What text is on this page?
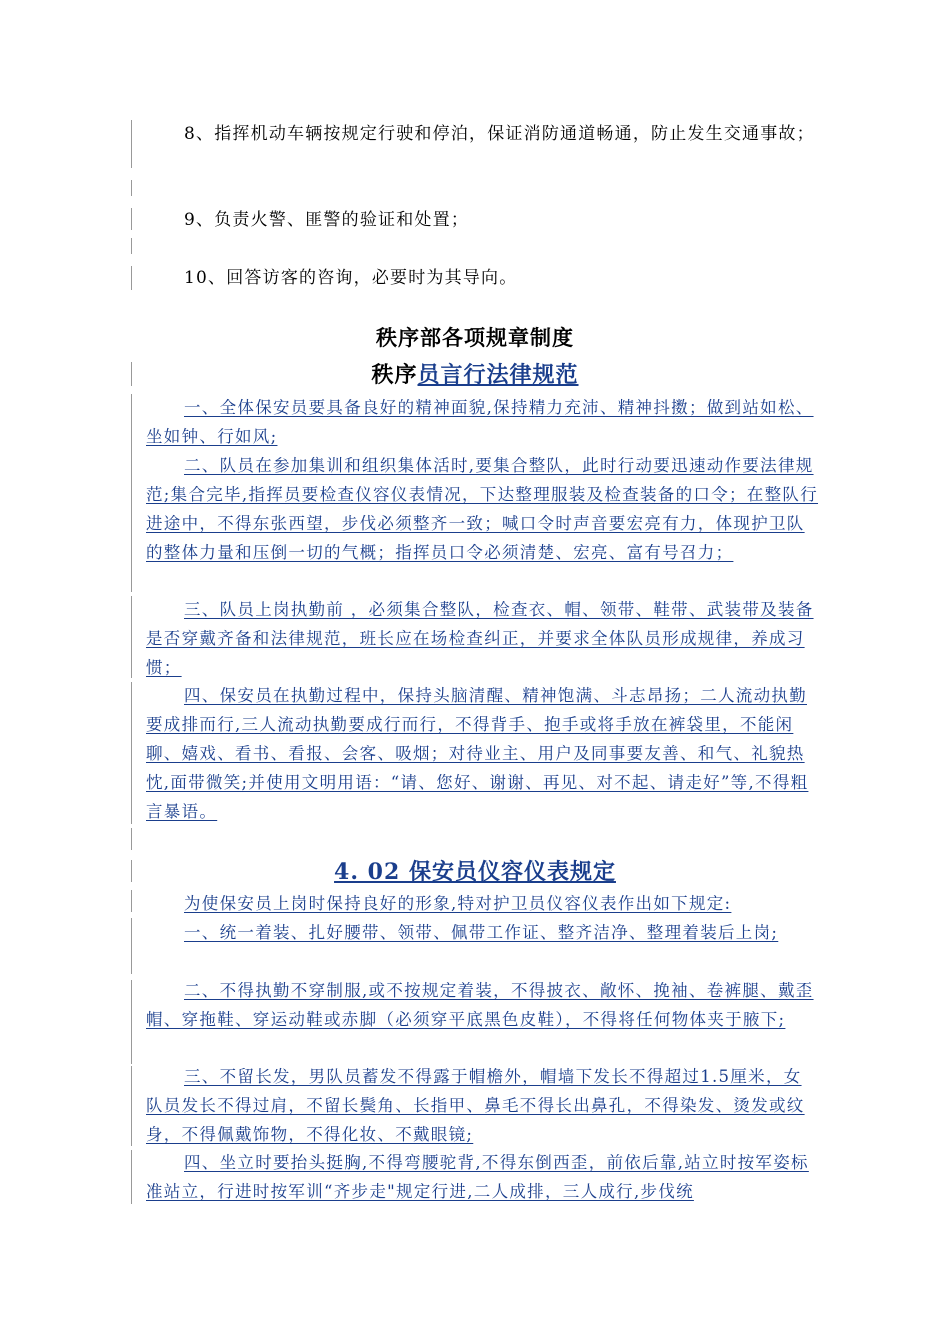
8、指挥机动车辆按规定行驶和停泊，保证消防通道畅通，防止发生交通事故；
9、负责火警、匪警的验证和处置；
10、回答访客的咨询，必要时为其导向。
秩序部各项规章制度
秩序员言行法律规范
一、全体保安员要具备良好的精神面貌,保持精力充沛、精神抖擞；做到站如松、坐如钟、行如风;
二、队员在参加集训和组织集体活时,要集合整队，此时行动要迅速动作要法律规范;集合完毕,指挥员要检查仪容仪表情况，下达整理服装及检查装备的口令；在整队行进途中，不得东张西望，步伐必须整齐一致；喊口令时声音要宏亮有力，体现护卫队的整体力量和压倒一切的气概；指挥员口令必须清楚、宏亮、富有号召力；
三、队员上岗执勤前 ，必须集合整队，检查衣、帽、领带、鞋带、武装带及装备是否穿戴齐备和法律规范，班长应在场检查纠正，并要求全体队员形成规律，养成习惯；
四、保安员在执勤过程中，保持头脑清醒、精神饱满、斗志昂扬；二人流动执勤要成排而行,三人流动执勤要成行而行，不得背手、抱手或将手放在裤袋里，不能闲聊、嬉戏、看书、看报、会客、吸烟；对待业主、用户及同事要友善、和气、礼貌热忱,面带微笑;并使用文明用语：“请、您好、谢谢、再见、对不起、请走好”等,不得粗言暴语。
4. 02 保安员仪容仪表规定
为使保安员上岗时保持良好的形象,特对护卫员仪容仪表作出如下规定:
一、统一着装、扎好腰带、领带、佩带工作证、整齐洁净、整理着装后上岗;
二、不得执勤不穿制服,或不按规定着装，不得披衣、敞怀、挽袖、卷裤腿、戴歪帽、穿拖鞋、穿运动鞋或赤脚（必须穿平底黑色皮鞋），不得将任何物体夹于腋下;
三、不留长发，男队员蓄发不得露于帽檐外，帽墙下发长不得超过1.5厘米，女队员发长不得过肩，不留长鬓角、长指甲、鼻毛不得长出鼻孔，不得染发、烫发或纹身，不得佩戴饰物，不得化妆、不戴眼镜;
四、坐立时要抬头挺胸,不得弯腰驼背,不得东倒西歪，前依后靠,站立时按军姿标准站立，行进时按军训“齐步走"规定行进,二人成排，三人成行,步伐统
